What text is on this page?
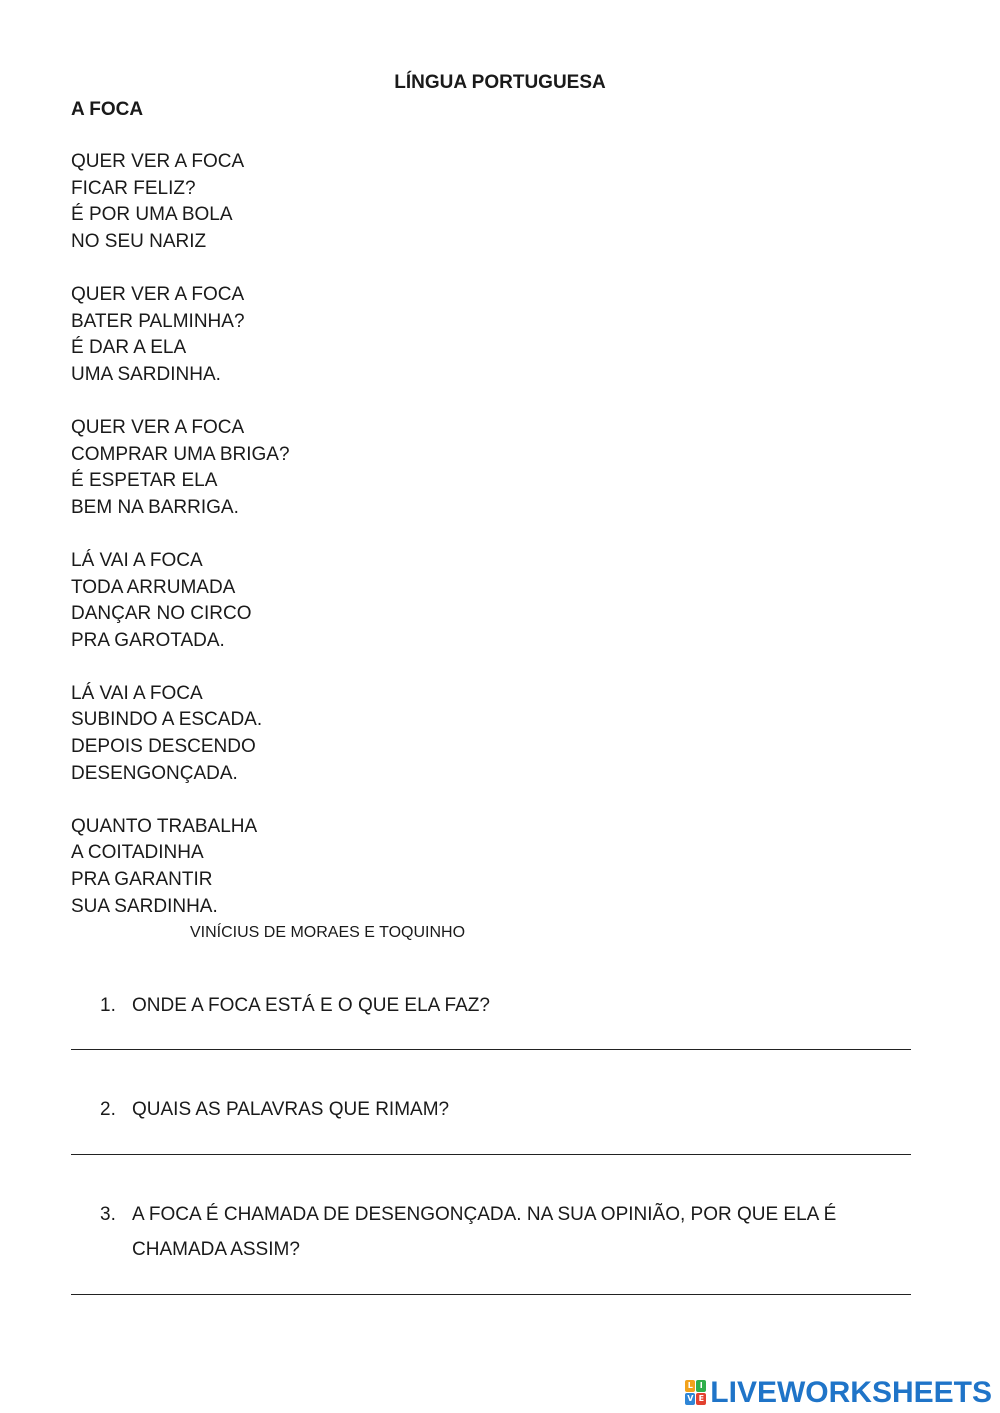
LÍNGUA PORTUGUESA
A FOCA
QUER VER A FOCA
FICAR FELIZ?
É POR UMA BOLA
NO SEU NARIZ
QUER VER A FOCA
BATER PALMINHA?
É DAR A ELA
UMA SARDINHA.
QUER VER A FOCA
COMPRAR UMA BRIGA?
É ESPETAR ELA
BEM NA BARRIGA.
LÁ VAI A FOCA
TODA ARRUMADA
DANÇAR NO CIRCO
PRA GAROTADA.
LÁ VAI A FOCA
SUBINDO A ESCADA.
DEPOIS DESCENDO
DESENGONÇADA.
QUANTO TRABALHA
A COITADINHA
PRA GARANTIR
SUA SARDINHA.
VINÍCIUS DE MORAES E TOQUINHO
1. ONDE A FOCA ESTÁ E O QUE ELA FAZ?
2. QUAIS AS PALAVRAS QUE RIMAM?
3. A FOCA É CHAMADA DE DESENGONÇADA. NA SUA OPINIÃO, POR QUE ELA É CHAMADA ASSIM?
L I
V E LIVEWORKSHEETS
